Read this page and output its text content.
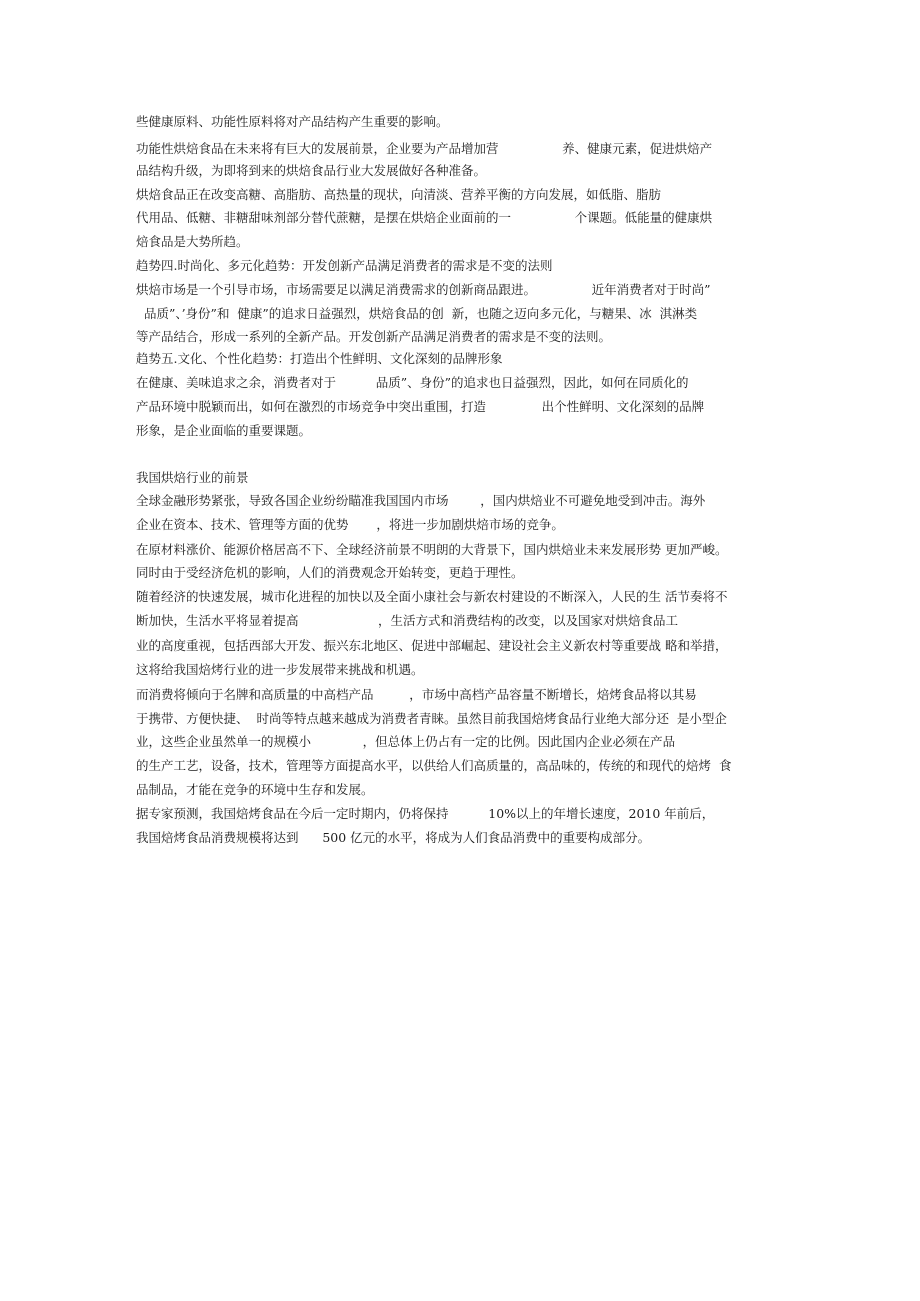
些健康原料、功能性原料将对产品结构产生重要的影响。

功能性烘焙食品在未来将有巨大的发展前景，企业要为产品增加营                养、健康元素，促进烘焙产

品结构升级，为即将到来的烘焙食品行业大发展做好各种准备。

烘焙食品正在改变高糖、高脂肪、高热量的现状，向清淡、营养平衡的方向发展，如低脂、脂肪

代用品、低糖、非糖甜味剂部分替代蔗糖，是摆在烘焙企业面前的一                个课题。低能量的健康烘

焙食品是大势所趋。

趋势四.时尚化、多元化趋势：开发创新产品满足消费者的需求是不变的法则

烘焙市场是一个引导市场，市场需要足以满足消费需求的创新商品跟进。              近年消费者对于时尚”

品质”、’身份”和  健康”的追求日益强烈，烘焙食品的创  新，也随之迈向多元化，与糖果、冰  淇淋类

等产品结合，形成一系列的全新产品。开发创新产品满足消费者的需求是不变的法则。

趋势五.文化、个性化趋势：打造出个性鲜明、文化深刻的品牌形象

在健康、美味追求之余，消费者对于          品质”、身份”的追求也日益强烈，因此，如何在同质化的

产品环境中脱颖而出，如何在激烈的市场竞争中突出重围，打造              出个性鲜明、文化深刻的品牌

形象，是企业面临的重要课题。

我国烘焙行业的前景

全球金融形势紧张，导致各国企业纷纷瞄准我国国内市场        ，国内烘焙业不可避免地受到冲击。海外

企业在资本、技术、管理等方面的优势       ，将进一步加剧烘焙市场的竞争。

在原材料涨价、能源价格居高不下、全球经济前景不明朗的大背景下，国内烘焙业未来发展形势 更加严峻。

同时由于受经济危机的影响，人们的消费观念开始转变，更趋于理性。

随着经济的快速发展，城市化进程的加快以及全面小康社会与新农村建设的不断深入，人民的生 活节奏将不

断加快，生活水平将显着提高                    ，生活方式和消费结构的改变，以及国家对烘焙食品工

业的高度重视，包括西部大开发、振兴东北地区、促进中部崛起、建设社会主义新农村等重要战 略和举措，

这将给我国焙烤行业的进一步发展带来挑战和机遇。

而消费将倾向于名牌和高质量的中高档产品         ，市场中高档产品容量不断增长，焙烤食品将以其易

于携带、方便快捷、  时尚等特点越来越成为消费者青睐。虽然目前我国焙烤食品行业绝大部分还  是小型企

业，这些企业虽然单一的规模小             ，但总体上仍占有一定的比例。因此国内企业必须在产品

的生产工艺，设备，技术，管理等方面提高水平，以供给人们高质量的，高品味的，传统的和现代的焙烤  食

品制品，才能在竞争的环境中生存和发展。

据专家预测，我国焙烤食品在今后一定时期内，仍将保持          10%以上的年增长速度，2010 年前后，

我国焙烤食品消费规模将达到      500 亿元的水平，将成为人们食品消费中的重要构成部分。
